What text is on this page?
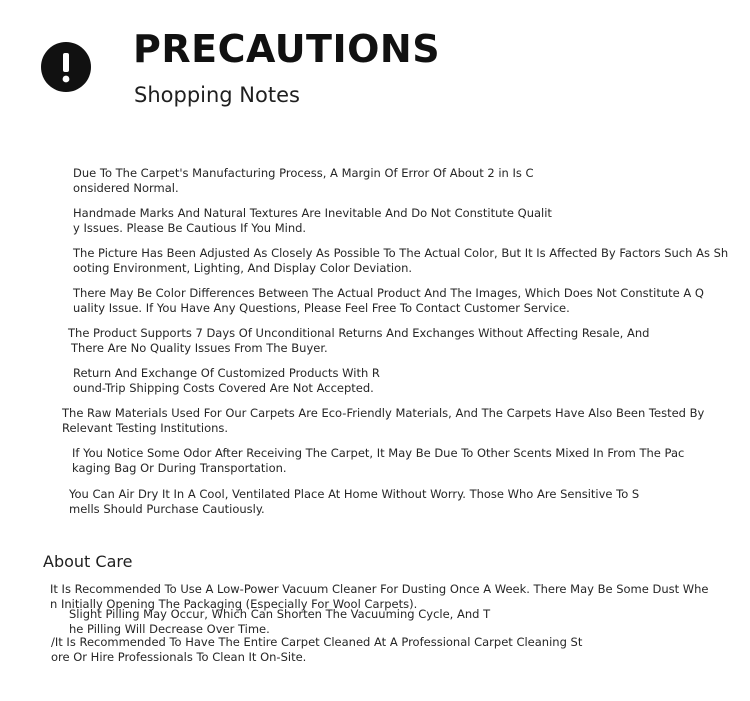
PRECAUTIONS
Shopping Notes
Due To The Carpet's Manufacturing Process, A Margin Of Error Of About 2 in Is C
onsidered Normal.
Handmade Marks And Natural Textures Are Inevitable And Do Not Constitute Qualit
y Issues. Please Be Cautious If You Mind.
The Picture Has Been Adjusted As Closely As Possible To The Actual Color, But It Is Affected By Factors Such As Sh
ooting Environment, Lighting, And Display Color Deviation.
There May Be Color Differences Between The Actual Product And The Images, Which Does Not Constitute A Q
uality Issue. If You Have Any Questions, Please Feel Free To Contact Customer Service.
The Product Supports 7 Days Of Unconditional Returns And Exchanges Without Affecting Resale, And
There Are No Quality Issues From The Buyer.
Return And Exchange Of Customized Products With R
ound-Trip Shipping Costs Covered Are Not Accepted.
The Raw Materials Used For Our Carpets Are Eco-Friendly Materials, And The Carpets Have Also Been Tested By
Relevant Testing Institutions.
If You Notice Some Odor After Receiving The Carpet, It May Be Due To Other Scents Mixed In From The Pac
kaging Bag Or During Transportation.
You Can Air Dry It In A Cool, Ventilated Place At Home Without Worry. Those Who Are Sensitive To S
mells Should Purchase Cautiously.
About Care
It Is Recommended To Use A Low-Power Vacuum Cleaner For Dusting Once A Week. There May Be Some Dust Whe
n Initially Opening The Packaging (Especially For Wool Carpets).
Slight Pilling May Occur, Which Can Shorten The Vacuuming Cycle, And T
he Pilling Will Decrease Over Time.
/It Is Recommended To Have The Entire Carpet Cleaned At A Professional Carpet Cleaning St
ore Or Hire Professionals To Clean It On-Site.
